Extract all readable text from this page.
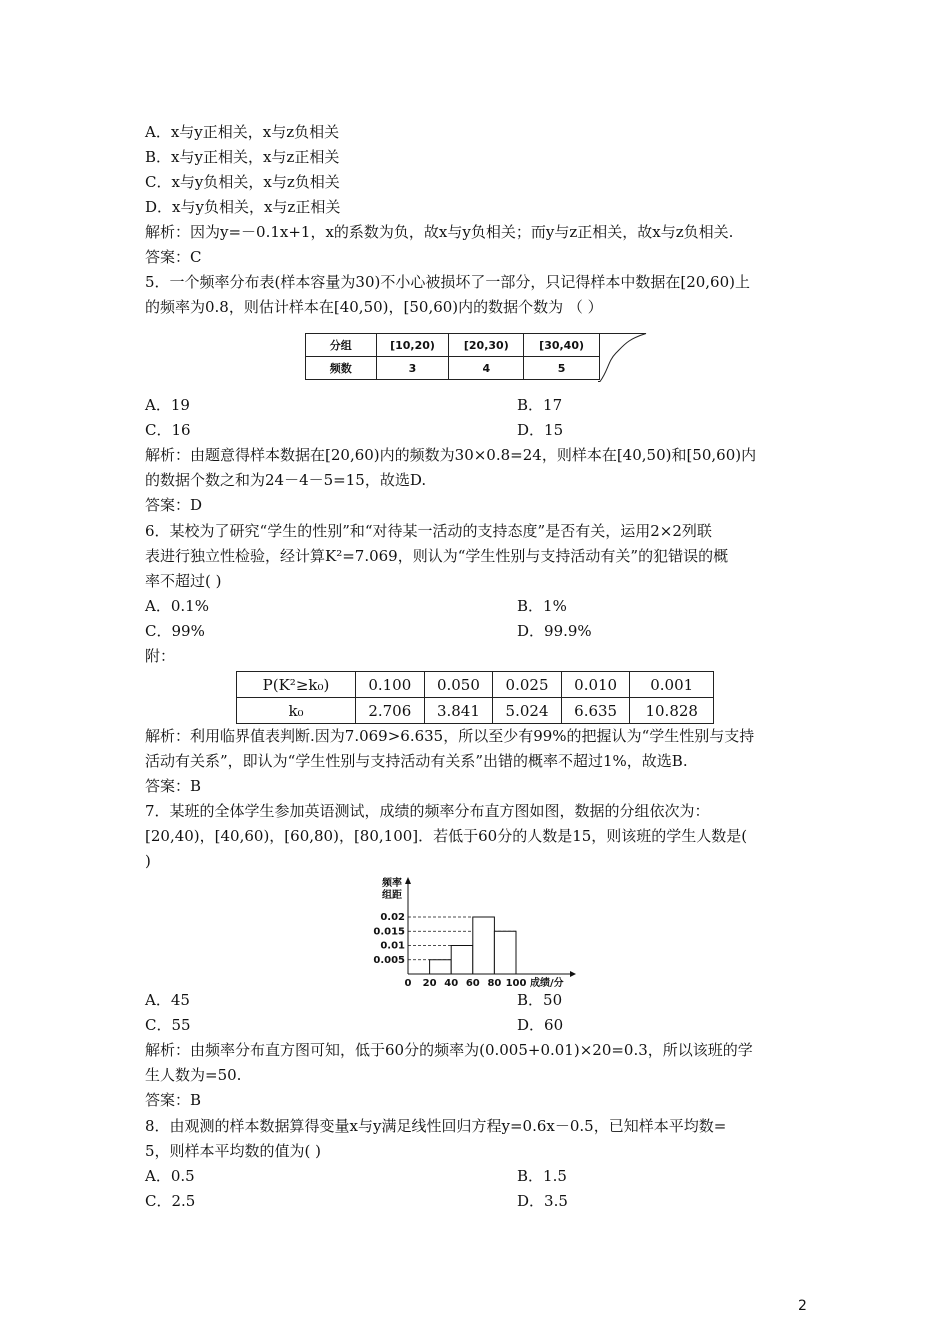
A．x与y正相关，x与z负相关
B．x与y正相关，x与z正相关
C．x与y负相关，x与z负相关
D．x与y负相关，x与z正相关
解析：因为y=－0.1x+1，x的系数为负，故x与y负相关；而y与z正相关，故x与z负相关.
答案：C
5．一个频率分布表(样本容量为30)不小心被损坏了一部分，只记得样本中数据在[20,60)上
的频率为0.8，则估计样本在[40,50)，[50,60)内的数据个数为 （ ）
分组	[10,20)	[20,30)	[30,40)
频数	3	4	5
A．19	B．17
C．16	D．15
解析：由题意得样本数据在[20,60)内的频数为30×0.8=24，则样本在[40,50)和[50,60)内
的数据个数之和为24－4－5=15，故选D.
答案：D
6．某校为了研究“学生的性别”和“对待某一活动的支持态度”是否有关，运用2×2列联
表进行独立性检验，经计算K²=7.069，则认为“学生性别与支持活动有关”的犯错误的概
率不超过( )
A．0.1%	B．1%
C．99%	D．99.9%
附：
P(K²≥k₀)	0.100	0.050	0.025	0.010	0.001
k₀	2.706	3.841	5.024	6.635	10.828
解析：利用临界值表判断.因为7.069>6.635，所以至少有99%的把握认为“学生性别与支持
活动有关系”，即认为“学生性别与支持活动有关系”出错的概率不超过1%，故选B.
答案：B
7．某班的全体学生参加英语测试，成绩的频率分布直方图如图，数据的分组依次为：
[20,40)，[40,60)，[60,80)，[80,100]．若低于60分的人数是15，则该班的学生人数是(
)
频率
组距
成绩/分
0 20 40 60 80 100
0.005
0.01
0.015
0.02
A．45	B．50
C．55	D．60
解析：由频率分布直方图可知，低于60分的频率为(0.005+0.01)×20=0.3，所以该班的学
生人数为=50.
答案：B
8．由观测的样本数据算得变量x与y满足线性回归方程y=0.6x－0.5，已知样本平均数=
5，则样本平均数的值为( )
A．0.5	B．1.5
C．2.5	D．3.5
2
